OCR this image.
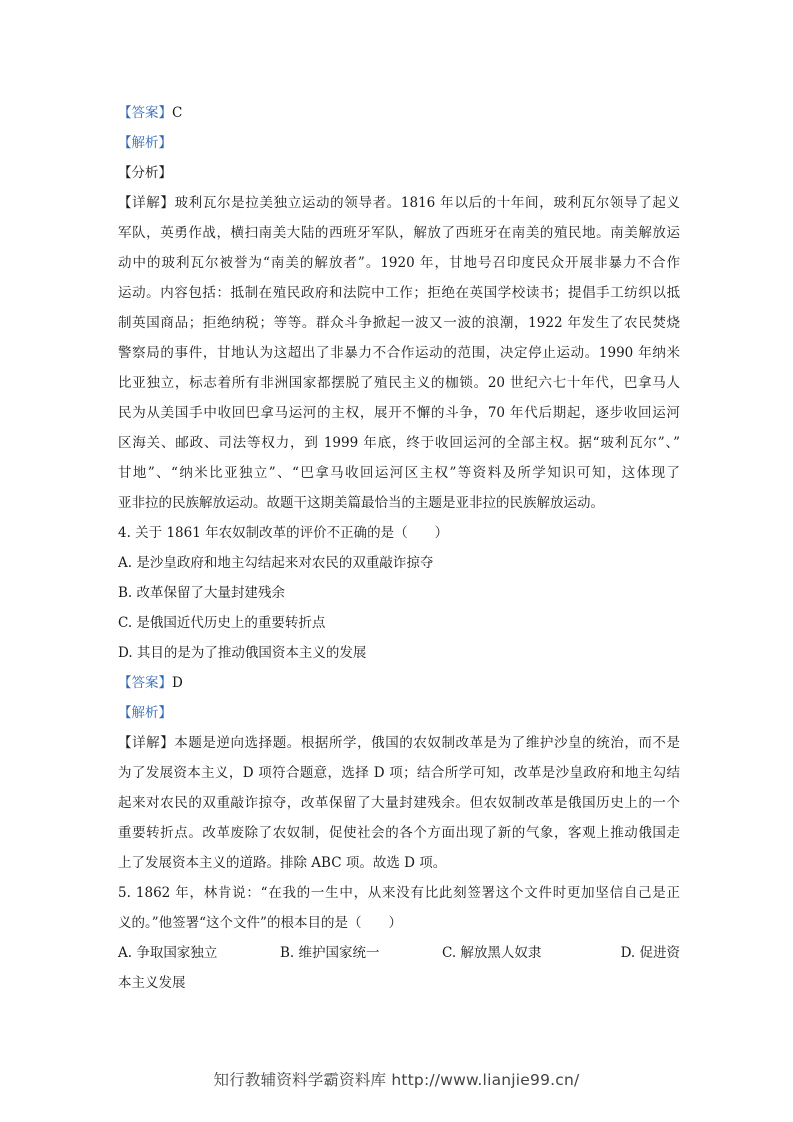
【答案】C
【解析】
【分析】
【详解】玻利瓦尔是拉美独立运动的领导者。1816 年以后的十年间，玻利瓦尔领导了起义
军队，英勇作战，横扫南美大陆的西班牙军队，解放了西班牙在南美的殖民地。南美解放运
动中的玻利瓦尔被誉为“南美的解放者”。1920 年，甘地号召印度民众开展非暴力不合作
运动。内容包括：抵制在殖民政府和法院中工作；拒绝在英国学校读书；提倡手工纺织以抵
制英国商品；拒绝纳税；等等。群众斗争掀起一波又一波的浪潮，1922 年发生了农民焚烧
警察局的事件，甘地认为这超出了非暴力不合作运动的范围，决定停止运动。1990 年纳米
比亚独立，标志着所有非洲国家都摆脱了殖民主义的枷锁。20 世纪六七十年代，巴拿马人
民为从美国手中收回巴拿马运河的主权，展开不懈的斗争，70 年代后期起，逐步收回运河
区海关、邮政、司法等权力，到 1999 年底，终于收回运河的全部主权。据“玻利瓦尔”、”
甘地”、“纳米比亚独立”、“巴拿马收回运河区主权”等资料及所学知识可知，这体现了
亚非拉的民族解放运动。故题干这期美篇最恰当的主题是亚非拉的民族解放运动。
4. 关于 1861 年农奴制改革的评价不正确的是（　　）
A. 是沙皇政府和地主勾结起来对农民的双重敲诈掠夺
B. 改革保留了大量封建残余
C. 是俄国近代历史上的重要转折点
D. 其目的是为了推动俄国资本主义的发展
【答案】D
【解析】
【详解】本题是逆向选择题。根据所学，俄国的农奴制改革是为了维护沙皇的统治，而不是
为了发展资本主义，D 项符合题意，选择 D 项；结合所学可知，改革是沙皇政府和地主勾结
起来对农民的双重敲诈掠夺，改革保留了大量封建残余。但农奴制改革是俄国历史上的一个
重要转折点。改革废除了农奴制，促使社会的各个方面出现了新的气象，客观上推动俄国走
上了发展资本主义的道路。排除 ABC 项。故选 D 项。
5. 1862 年，林肯说：“在我的一生中，从来没有比此刻签署这个文件时更加坚信自己是正
义的。”他签署“这个文件”的根本目的是（　　）
A. 争取国家独立	B. 维护国家统一	C. 解放黑人奴隶	D. 促进资
本主义发展
知行教辅资料学霸资料库 http://www.lianjie99.cn/
